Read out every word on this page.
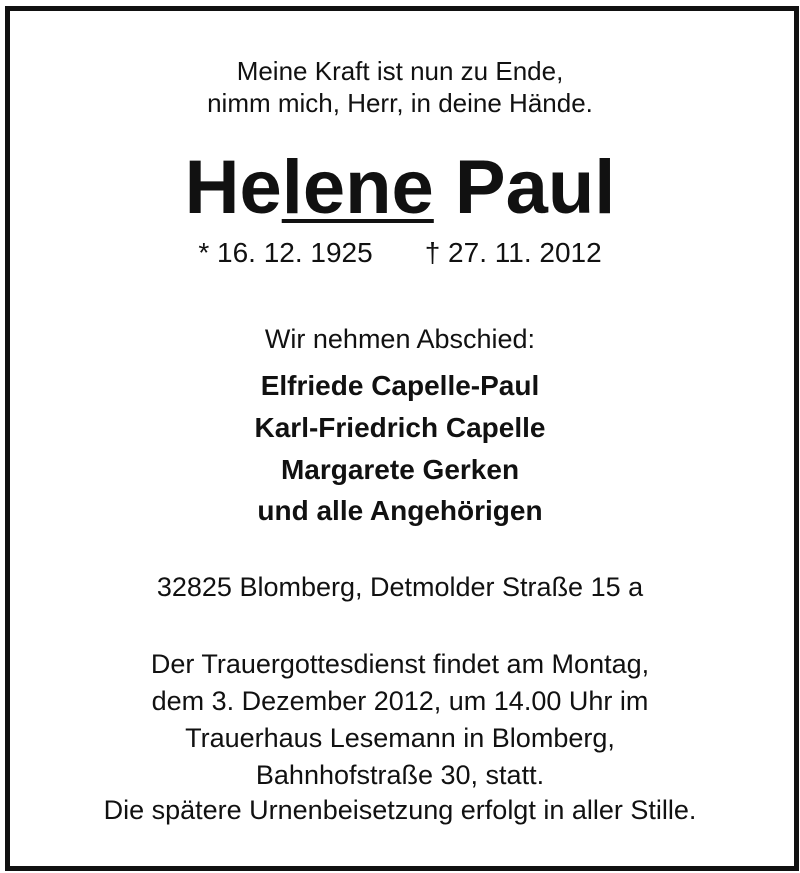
Meine Kraft ist nun zu Ende,
nimm mich, Herr, in deine Hände.
Helene Paul
* 16. 12. 1925 † 27. 11. 2012
Wir nehmen Abschied:
Elfriede Capelle-Paul
Karl-Friedrich Capelle
Margarete Gerken
und alle Angehörigen
32825 Blomberg, Detmolder Straße 15 a
Der Trauergottesdienst findet am Montag,
dem 3. Dezember 2012, um 14.00 Uhr im
Trauerhaus Lesemann in Blomberg,
Bahnhofstraße 30, statt.
Die spätere Urnenbeisetzung erfolgt in aller Stille.
